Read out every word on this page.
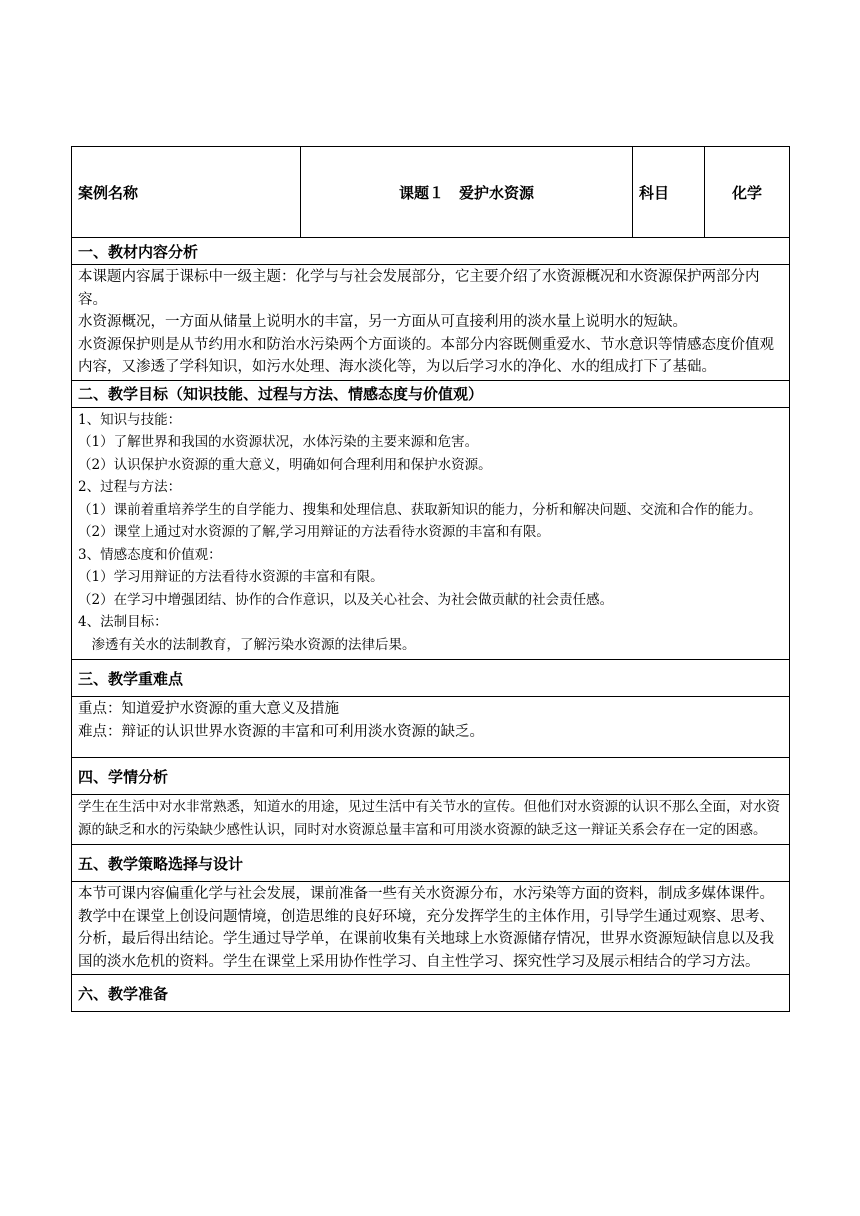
案例名称	课题１　爱护水资源	科目	化学
一、教材内容分析

本课题内容属于课标中一级主题：化学与与社会发展部分，它主要介绍了水资源概况和水资源保护两部分内容。

水资源概况，一方面从储量上说明水的丰富，另一方面从可直接利用的淡水量上说明水的短缺。

水资源保护则是从节约用水和防治水污染两个方面谈的。本部分内容既侧重爱水、节水意识等情感态度价值观内容，又渗透了学科知识，如污水处理、海水淡化等，为以后学习水的净化、水的组成打下了基础。

二、教学目标（知识技能、过程与方法、情感态度与价值观）

1、知识与技能：

（1）了解世界和我国的水资源状况，水体污染的主要来源和危害。

（2）认识保护水资源的重大意义，明确如何合理利用和保护水资源。

2、过程与方法：

（1）课前着重培养学生的自学能力、搜集和处理信息、获取新知识的能力，分析和解决问题、交流和合作的能力。

（2）课堂上通过对水资源的了解,学习用辩证的方法看待水资源的丰富和有限。

3、情感态度和价值观：

（1）学习用辩证的方法看待水资源的丰富和有限。

（2）在学习中增强团结、协作的合作意识，以及关心社会、为社会做贡献的社会责任感。

4、法制目标：

　渗透有关水的法制教育，了解污染水资源的法律后果。

三、教学重难点

重点：知道爱护水资源的重大意义及措施

难点：辩证的认识世界水资源的丰富和可利用淡水资源的缺乏。

四、学情分析

学生在生活中对水非常熟悉，知道水的用途，见过生活中有关节水的宣传。但他们对水资源的认识不那么全面，对水资源的缺乏和水的污染缺少感性认识，同时对水资源总量丰富和可用淡水资源的缺乏这一辩证关系会存在一定的困惑。

五、教学策略选择与设计

本节可课内容偏重化学与社会发展，课前准备一些有关水资源分布，水污染等方面的资料，制成多媒体课件。教学中在课堂上创设问题情境，创造思维的良好环境，充分发挥学生的主体作用，引导学生通过观察、思考、分析，最后得出结论。学生通过导学单，在课前收集有关地球上水资源储存情况，世界水资源短缺信息以及我国的淡水危机的资料。学生在课堂上采用协作性学习、自主性学习、探究性学习及展示相结合的学习方法。

六、教学准备
